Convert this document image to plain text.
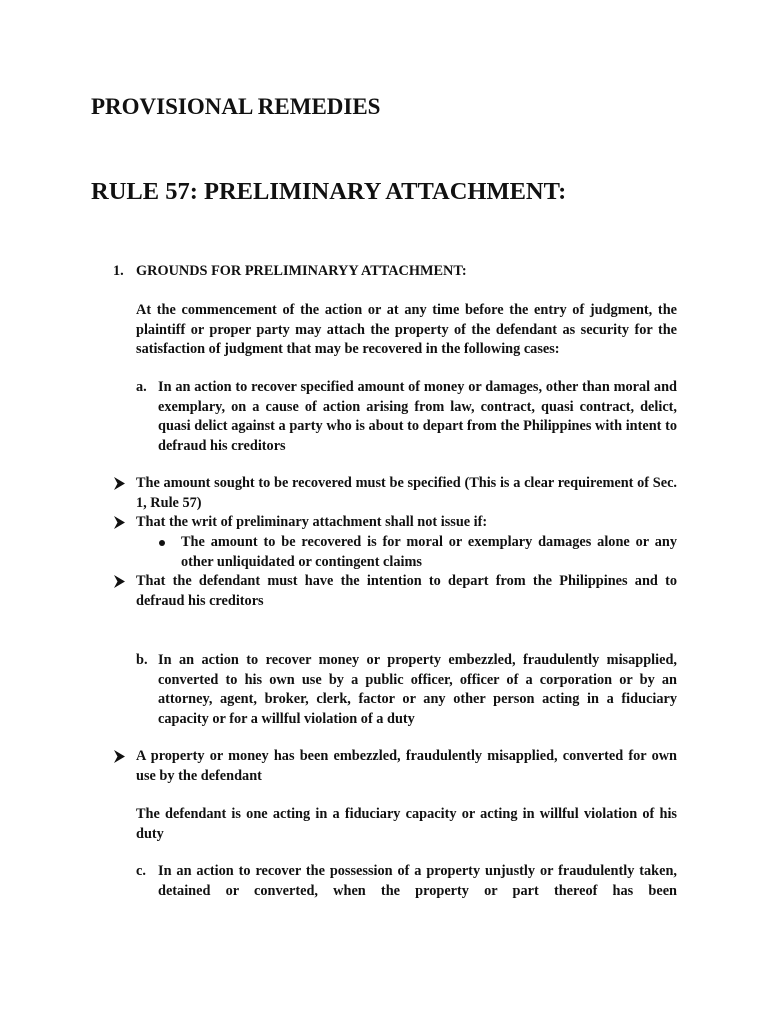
PROVISIONAL REMEDIES
RULE 57: PRELIMINARY ATTACHMENT:
1. GROUNDS FOR PRELIMINARYY ATTACHMENT:

At the commencement of the action or at any time before the entry of judgment, the plaintiff or proper party may attach the property of the defendant as security for the satisfaction of judgment that may be recovered in the following cases:

a. In an action to recover specified amount of money or damages, other than moral and exemplary, on a cause of action arising from law, contract, quasi contract, delict, quasi delict against a party who is about to depart from the Philippines with intent to defraud his creditors

The amount sought to be recovered must be specified (This is a clear requirement of Sec. 1, Rule 57)

That the writ of preliminary attachment shall not issue if:

The amount to be recovered is for moral or exemplary damages alone or any other unliquidated or contingent claims

That the defendant must have the intention to depart from the Philippines and to defraud his creditors

b. In an action to recover money or property embezzled, fraudulently misapplied, converted to his own use by a public officer, officer of a corporation or by an attorney, agent, broker, clerk, factor or any other person acting in a fiduciary capacity or for a willful violation of a duty

A property or money has been embezzled, fraudulently misapplied, converted for own use by the defendant

The defendant is one acting in a fiduciary capacity or acting in willful violation of his duty

c. In an action to recover the possession of a property unjustly or fraudulently taken, detained or converted, when the property or part thereof has been
